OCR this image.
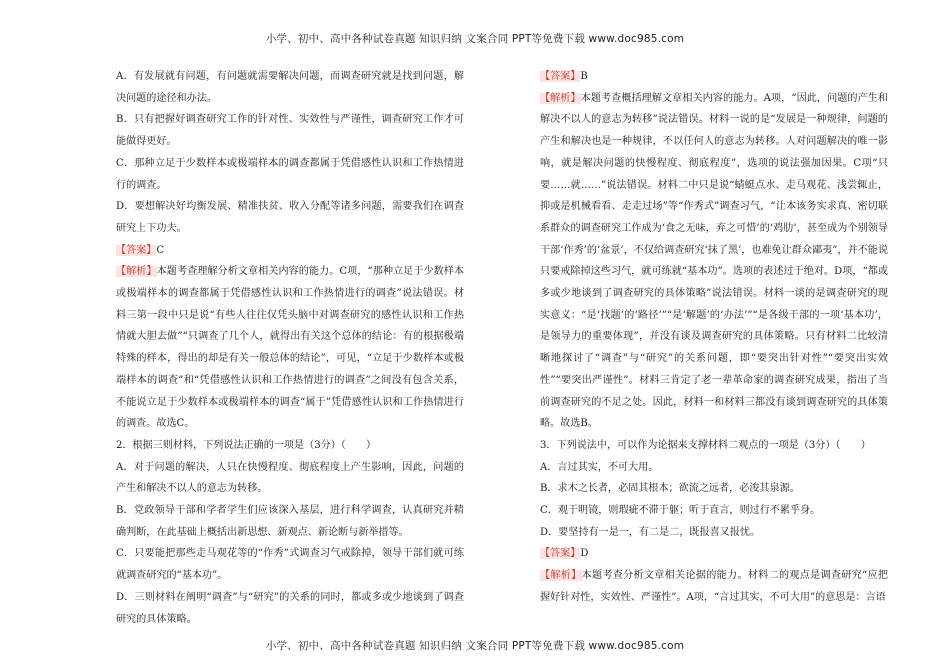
小学、初中、高中各种试卷真题 知识归纳 文案合同 PPT等免费下载 www.doc985.com

A．有发展就有问题，有问题就需要解决问题，而调查研究就是找到问题，解决问题的途径和办法。

B．只有把握好调查研究工作的针对性、实效性与严谨性，调查研究工作才可能做得更好。

C．那种立足于少数样本或极端样本的调查都属于凭借感性认识和工作热情进行的调查。

D．要想解决好均衡发展、精准扶贫、收入分配等诸多问题，需要我们在调查研究上下功夫。

【答案】C

【解析】本题考查理解分析文章相关内容的能力。C项，“那种立足于少数样本或极端样本的调查都属于凭借感性认识和工作热情进行的调查”说法错误。材料三第一段中只是说“有些人往往仅凭头脑中对调查研究的感性认识和工作热情就大胆去做”“只调查了几个人，就得出有关这个总体的结论：有的根据极端特殊的样本，得出的却是有关一般总体的结论”，可见，“立足于少数样本或极端样本的调查”和“凭借感性认识和工作热情进行的调查”之间没有包含关系，不能说立足于少数样本或极端样本的调查“属于”凭借感性认识和工作热情进行的调查。故选C。

2．根据三则材料，下列说法正确的一项是（3分）（　　）

A．对于问题的解决，人只在快慢程度、彻底程度上产生影响，因此，问题的产生和解决不以人的意志为转移。

B．党政领导干部和学者学生们应该深入基层，进行科学调查，认真研究并精确判断，在此基础上概括出新思想、新观点、新论断与新举措等。

C．只要能把那些走马观花等的“作秀”式调查习气戒除掉，领导干部们就可练就调查研究的“基本功”。

D．三则材料在阐明“调查”与“研究”的关系的同时，都或多或少地谈到了调查研究的具体策略。

【答案】B

【解析】本题考查概括理解文章相关内容的能力。A项，“因此，问题的产生和解决不以人的意志为转移”说法错误。材料一说的是“发展是一种规律，问题的产生和解决也是一种规律，不以任何人的意志为转移。人对问题解决的唯一影响，就是解决问题的快慢程度、彻底程度”，选项的说法强加因果。C项“只要……就……”说法错误。材料二中只是说“蜻蜓点水、走马观花、浅尝辄止，抑或是机械看看、走走过场”等“作秀式”调查习气，“让本该务实求真、密切联系群众的调查研究工作成为‘食之无味，弃之可惜’的‘鸡肋’，甚至成为个别领导干部‘作秀’的‘盆景’，不仅给调查研究‘抹了黑’，也难免让群众鄙夷”，并不能说只要戒除掉这些习气，就可练就“基本功”。选项的表述过于绝对。D项，“都或多或少地谈到了调查研究的具体策略”说法错误。材料一谈的是调查研究的现实意义：“是‘找题’的‘路径’”“是‘解题’的‘办法’”“是各级干部的一项‘基本功’，是领导力的重要体现”，并没有谈及调查研究的具体策略。只有材料二比较清晰地探讨了“调查”与“研究”的关系问题，即“要突出针对性”“要突出实效性”“要突出严谨性”。材料三肯定了老一辈革命家的调查研究成果，指出了当前调查研究的不足之处。因此，材料一和材料三都没有谈到调查研究的具体策略。故选B。

3．下列说法中，可以作为论据来支撑材料二观点的一项是（3分）（　　）

A．言过其实，不可大用。

B．求木之长者，必固其根本；欲流之远者，必浚其泉源。

C．观于明镜，则瑕疵不滞于躯；听于直言，则过行不累乎身。

D．要坚持有一是一，有二是二，既报喜又报忧。

【答案】D

【解析】本题考查分析文章相关论据的能力。材料二的观点是调查研究“应把握好针对性，实效性、严谨性”。A项，“言过其实，不可大用”的意思是：言语

小学、初中、高中各种试卷真题 知识归纳 文案合同 PPT等免费下载 www.doc985.com
